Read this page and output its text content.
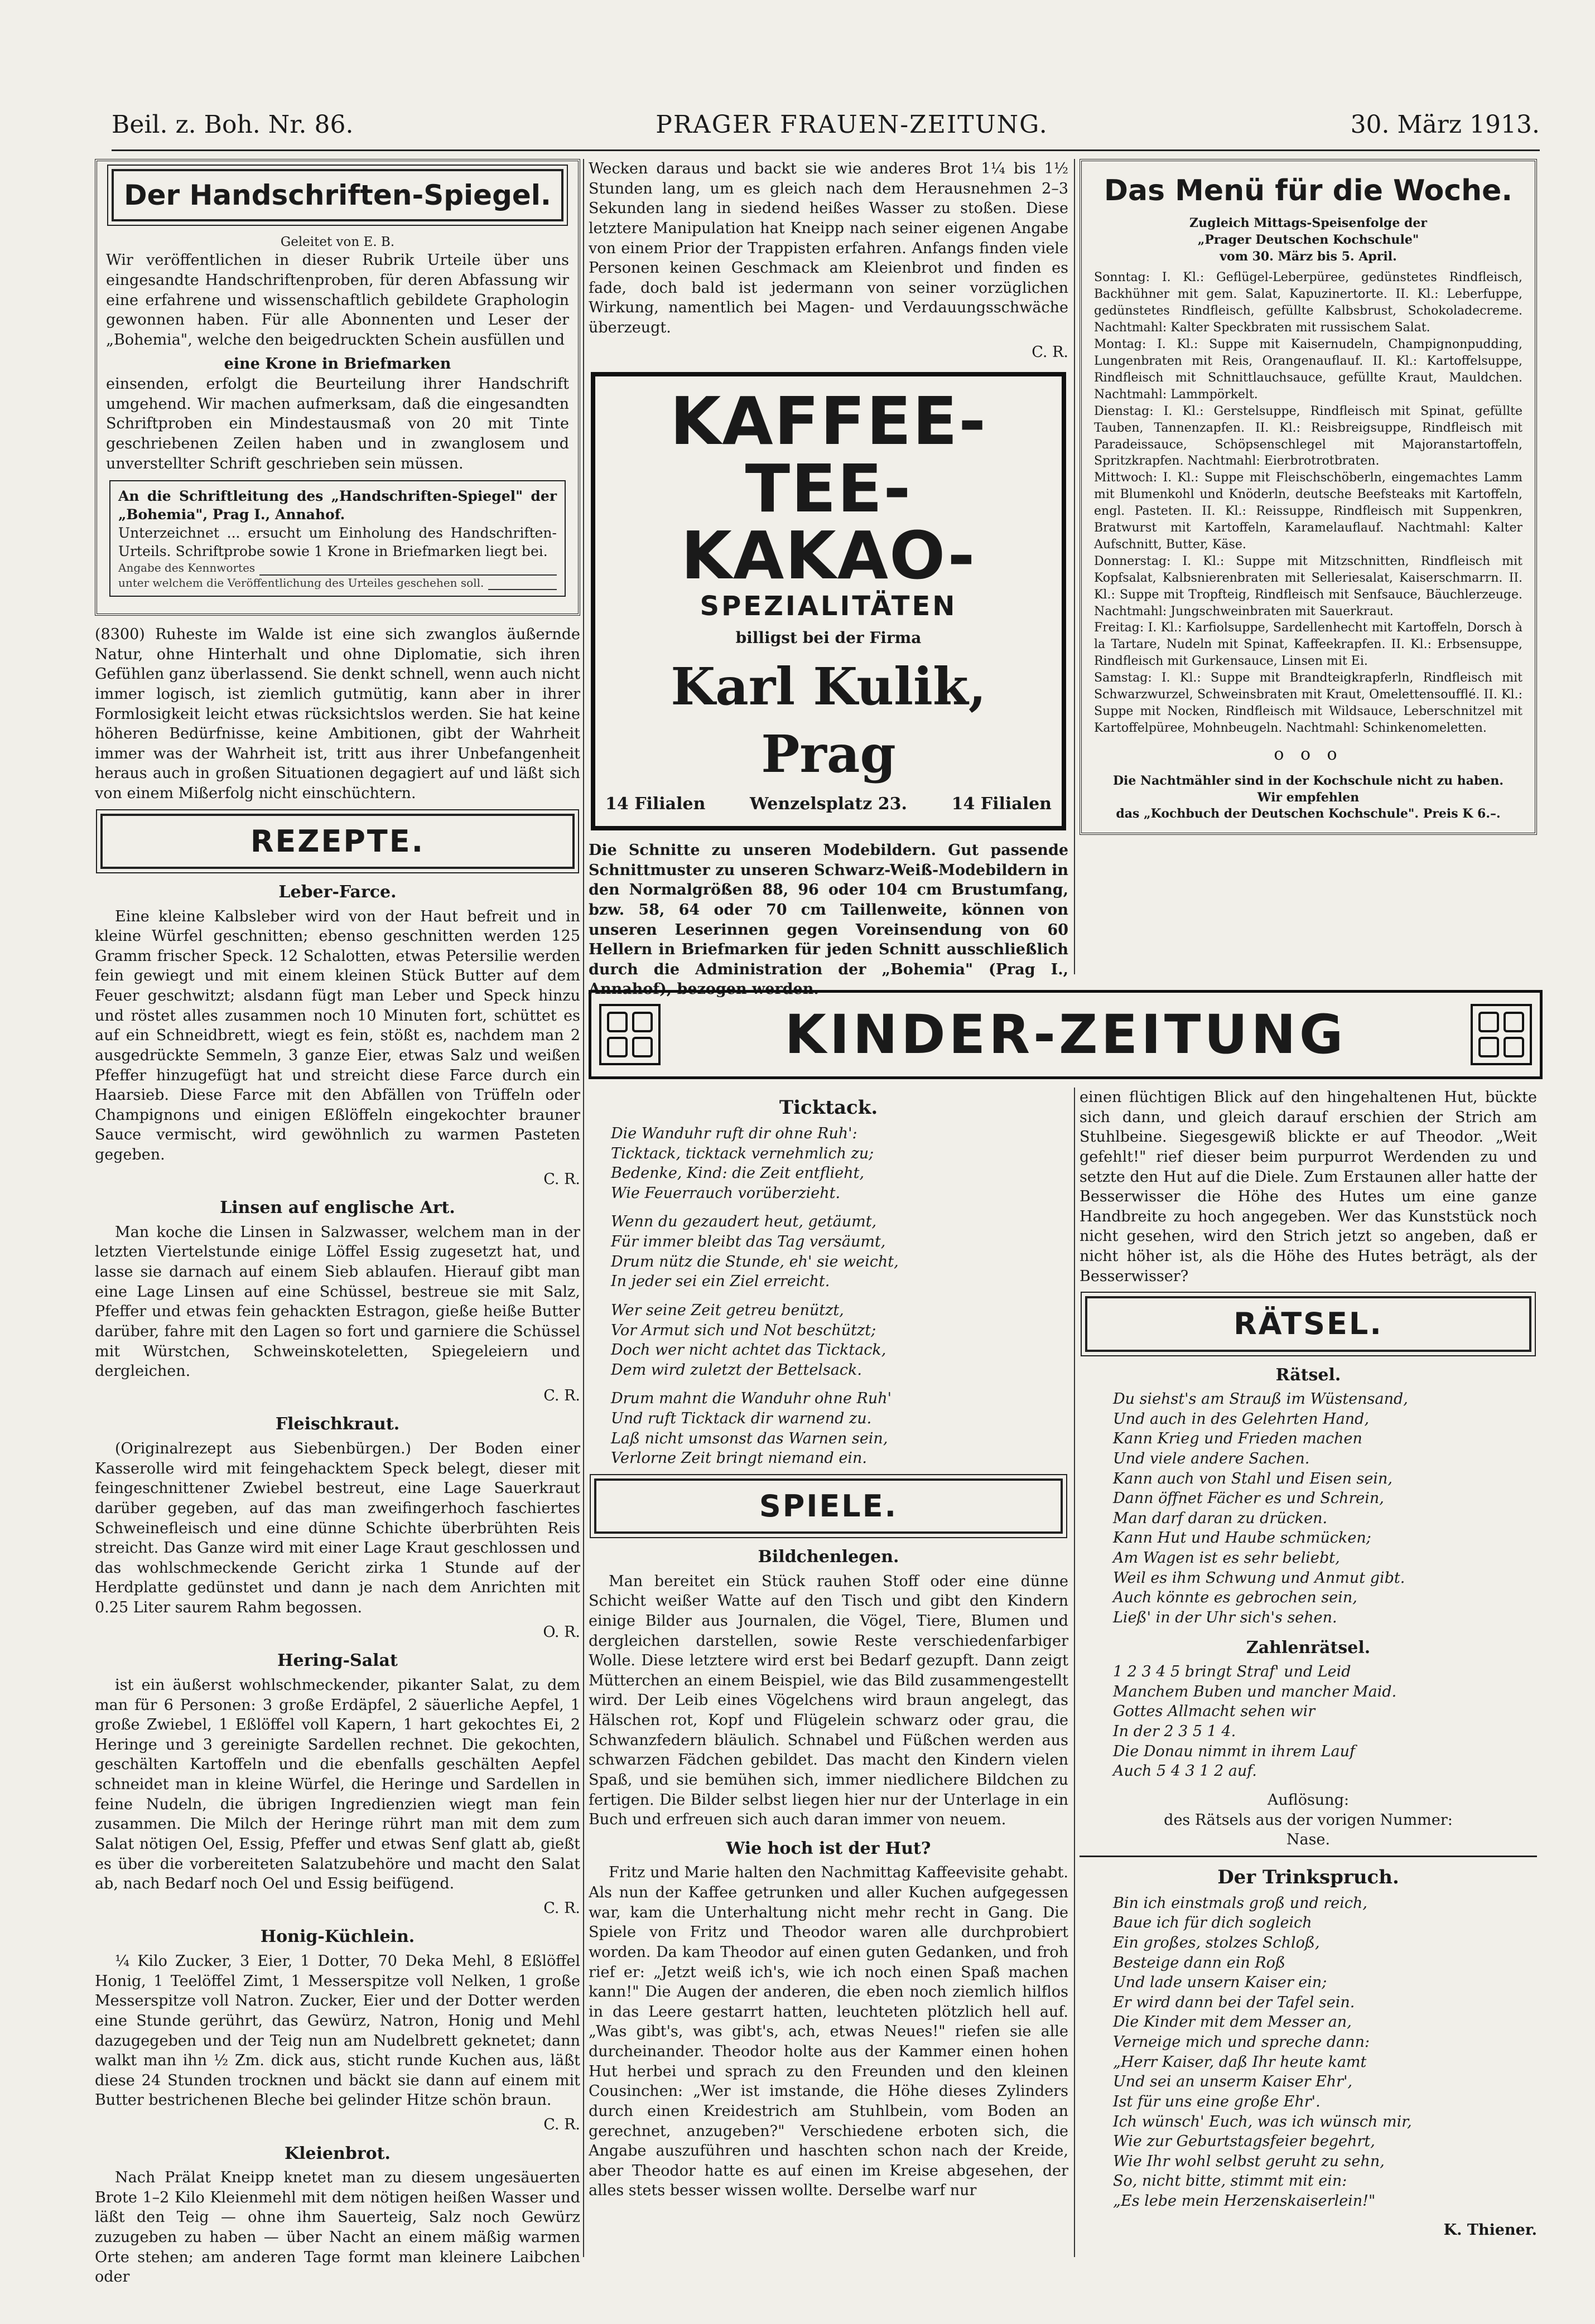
Beil. z. Boh. Nr. 86.	PRAGER FRAUEN-ZEITUNG.	30. März 1913.
Der Handschriften-Spiegel.
Geleitet von E. B.

Wir veröffentlichen in dieser Rubrik Urteile über uns eingesandte Handschriftenproben, für deren Abfassung wir eine erfahrene und wissenschaftlich gebildete Graphologin gewonnen haben. Für alle Abonnenten und Leser der „Bohemia", welche den beigedruckten Schein ausfüllen und

eine Krone in Briefmarken

einsenden, erfolgt die Beurteilung ihrer Handschrift umgehend. Wir machen aufmerksam, daß die eingesandten Schriftproben ein Mindestausmaß von 20 mit Tinte geschriebenen Zeilen haben und in zwanglosem und unverstellter Schrift geschrieben sein müssen.

An die Schriftleitung des „Handschriften-Spiegel" der „Bohemia", Prag I., Annahof.
Unterzeichnet ... ersucht um Einholung des Handschriften-Urteils. Schriftprobe sowie 1 Krone in Briefmarken liegt bei.
Angabe des Kennwortes
unter welchem die Veröffentlichung des Urteiles geschehen soll.

(8300) Ruheste im Walde ist eine sich zwanglos äußernde Natur, ohne Hinterhalt und ohne Diplomatie, sich ihren Gefühlen ganz überlassend. Sie denkt schnell, wenn auch nicht immer logisch, ist ziemlich gutmütig, kann aber in ihrer Formlosigkeit leicht etwas rücksichtslos werden. Sie hat keine höheren Bedürfnisse, keine Ambitionen, gibt der Wahrheit immer was der Wahrheit ist, tritt aus ihrer Unbefangenheit heraus auch in großen Situationen degagiert auf und läßt sich von einem Mißerfolg nicht einschüchtern.

REZEPTE.
Leber-Farce.

Eine kleine Kalbsleber wird von der Haut befreit und in kleine Würfel geschnitten; ebenso geschnitten werden 125 Gramm frischer Speck. 12 Schalotten, etwas Petersilie werden fein gewiegt und mit einem kleinen Stück Butter auf dem Feuer geschwitzt; alsdann fügt man Leber und Speck hinzu und röstet alles zusammen noch 10 Minuten fort, schüttet es auf ein Schneidbrett, wiegt es fein, stößt es, nachdem man 2 ausgedrückte Semmeln, 3 ganze Eier, etwas Salz und weißen Pfeffer hinzugefügt hat und streicht diese Farce durch ein Haarsieb. Diese Farce mit den Abfällen von Trüffeln oder Champignons und einigen Eßlöffeln eingekochter brauner Sauce vermischt, wird gewöhnlich zu warmen Pasteten gegeben.

C. R.
Linsen auf englische Art.

Man koche die Linsen in Salzwasser, welchem man in der letzten Viertelstunde einige Löffel Essig zugesetzt hat, und lasse sie darnach auf einem Sieb ablaufen. Hierauf gibt man eine Lage Linsen auf eine Schüssel, bestreue sie mit Salz, Pfeffer und etwas fein gehackten Estragon, gieße heiße Butter darüber, fahre mit den Lagen so fort und garniere die Schüssel mit Würstchen, Schweinskoteletten, Spiegeleiern und dergleichen.

C. R.
Fleischkraut.

(Originalrezept aus Siebenbürgen.) Der Boden einer Kasserolle wird mit feingehacktem Speck belegt, dieser mit feingeschnittener Zwiebel bestreut, eine Lage Sauerkraut darüber gegeben, auf das man zweifingerhoch faschiertes Schweinefleisch und eine dünne Schichte überbrühten Reis streicht. Das Ganze wird mit einer Lage Kraut geschlossen und das wohlschmeckende Gericht zirka 1 Stunde auf der Herdplatte gedünstet und dann je nach dem Anrichten mit 0.25 Liter saurem Rahm begossen.

O. R.
Hering-Salat

ist ein äußerst wohlschmeckender, pikanter Salat, zu dem man für 6 Personen: 3 große Erdäpfel, 2 säuerliche Aepfel, 1 große Zwiebel, 1 Eßlöffel voll Kapern, 1 hart gekochtes Ei, 2 Heringe und 3 gereinigte Sardellen rechnet. Die gekochten, geschälten Kartoffeln und die ebenfalls geschälten Aepfel schneidet man in kleine Würfel, die Heringe und Sardellen in feine Nudeln, die übrigen Ingredienzien wiegt man fein zusammen. Die Milch der Heringe rührt man mit dem zum Salat nötigen Oel, Essig, Pfeffer und etwas Senf glatt ab, gießt es über die vorbereiteten Salatzubehöre und macht den Salat ab, nach Bedarf noch Oel und Essig beifügend.

C. R.
Honig-Küchlein.

¼ Kilo Zucker, 3 Eier, 1 Dotter, 70 Deka Mehl, 8 Eßlöffel Honig, 1 Teelöffel Zimt, 1 Messerspitze voll Nelken, 1 große Messerspitze voll Natron. Zucker, Eier und der Dotter werden eine Stunde gerührt, das Gewürz, Natron, Honig und Mehl dazugegeben und der Teig nun am Nudelbrett geknetet; dann walkt man ihn ½ Zm. dick aus, sticht runde Kuchen aus, läßt diese 24 Stunden trocknen und bäckt sie dann auf einem mit Butter bestrichenen Bleche bei gelinder Hitze schön braun.

C. R.
Kleienbrot.

Nach Prälat Kneipp knetet man zu diesem ungesäuerten Brote 1–2 Kilo Kleienmehl mit dem nötigen heißen Wasser und läßt den Teig — ohne ihm Sauerteig, Salz noch Gewürz zuzugeben zu haben — über Nacht an einem mäßig warmen Orte stehen; am anderen Tage formt man kleinere Laibchen oder

Wecken daraus und backt sie wie anderes Brot 1¼ bis 1½ Stunden lang, um es gleich nach dem Herausnehmen 2–3 Sekunden lang in siedend heißes Wasser zu stoßen. Diese letztere Manipulation hat Kneipp nach seiner eigenen Angabe von einem Prior der Trappisten erfahren. Anfangs finden viele Personen keinen Geschmack am Kleienbrot und finden es fade, doch bald ist jedermann von seiner vorzüglichen Wirkung, namentlich bei Magen- und Verdauungsschwäche überzeugt.

C. R.
KAFFEE-
TEE-
KAKAO-
SPEZIALITÄTEN
billigst bei der Firma
Karl Kulik, Prag
14 Filialen	Wenzelsplatz 23.	14 Filialen

Die Schnitte zu unseren Modebildern. Gut passende Schnittmuster zu unseren Schwarz-Weiß-Modebildern in den Normalgrößen 88, 96 oder 104 cm Brustumfang, bzw. 58, 64 oder 70 cm Taillenweite, können von unseren Leserinnen gegen Voreinsendung von 60 Hellern in Briefmarken für jeden Schnitt ausschließlich durch die Administration der „Bohemia" (Prag I., Annahof), bezogen werden.

Das Menü für die Woche.
Zugleich Mittags-Speisenfolge der
„Prager Deutschen Kochschule"
vom 30. März bis 5. April.

Sonntag: I. Kl.: Geflügel-Leberpüree, gedünstetes Rindfleisch, Backhühner mit gem. Salat, Kapuzinertorte. II. Kl.: Leberfuppe, gedünstetes Rindfleisch, gefüllte Kalbsbrust, Schokoladecreme. Nachtmahl: Kalter Speckbraten mit russischem Salat.

Montag: I. Kl.: Suppe mit Kaisernudeln, Champignonpudding, Lungenbraten mit Reis, Orangenauflauf. II. Kl.: Kartoffelsuppe, Rindfleisch mit Schnittlauchsauce, gefüllte Kraut, Mauldchen. Nachtmahl: Lammpörkelt.

Dienstag: I. Kl.: Gerstelsuppe, Rindfleisch mit Spinat, gefüllte Tauben, Tannenzapfen. II. Kl.: Reisbreigsuppe, Rindfleisch mit Paradeissauce, Schöpsenschlegel mit Majoranstartoffeln, Spritzkrapfen. Nachtmahl: Eierbrotrotbraten.

Mittwoch: I. Kl.: Suppe mit Fleischschöberln, eingemachtes Lamm mit Blumenkohl und Knöderln, deutsche Beefsteaks mit Kartoffeln, engl. Pasteten. II. Kl.: Reissuppe, Rindfleisch mit Suppenkren, Bratwurst mit Kartoffeln, Karamelauflauf. Nachtmahl: Kalter Aufschnitt, Butter, Käse.

Donnerstag: I. Kl.: Suppe mit Mitzschnitten, Rindfleisch mit Kopfsalat, Kalbsnierenbraten mit Selleriesalat, Kaiserschmarrn. II. Kl.: Suppe mit Tropfteig, Rindfleisch mit Senfsauce, Bäuchlerzeuge. Nachtmahl: Jungschweinbraten mit Sauerkraut.

Freitag: I. Kl.: Karfiolsuppe, Sardellenhecht mit Kartoffeln, Dorsch à la Tartare, Nudeln mit Spinat, Kaffeekrapfen. II. Kl.: Erbsensuppe, Rindfleisch mit Gurkensauce, Linsen mit Ei.

Samstag: I. Kl.: Suppe mit Brandteigkrapferln, Rindfleisch mit Schwarzwurzel, Schweinsbraten mit Kraut, Omelettensoufflé. II. Kl.: Suppe mit Nocken, Rindfleisch mit Wildsauce, Leberschnitzel mit Kartoffelpüree, Mohnbeugeln. Nachtmahl: Schinkenomeletten.

o o o
Die Nachtmähler sind in der Kochschule nicht zu haben.
Wir empfehlen
das „Kochbuch der Deutschen Kochschule". Preis K 6.–.
KINDER-ZEITUNG
Ticktack.
Die Wanduhr ruft dir ohne Ruh':
Ticktack, ticktack vernehmlich zu;
Bedenke, Kind: die Zeit entflieht,
Wie Feuerrauch vorüberzieht.
Wenn du gezaudert heut, getäumt,
Für immer bleibt das Tag versäumt,
Drum nütz die Stunde, eh' sie weicht,
In jeder sei ein Ziel erreicht.
Wer seine Zeit getreu benützt,
Vor Armut sich und Not beschützt;
Doch wer nicht achtet das Ticktack,
Dem wird zuletzt der Bettelsack.
Drum mahnt die Wanduhr ohne Ruh'
Und ruft Ticktack dir warnend zu.
Laß nicht umsonst das Warnen sein,
Verlorne Zeit bringt niemand ein.
SPIELE.
Bildchenlegen.

Man bereitet ein Stück rauhen Stoff oder eine dünne Schicht weißer Watte auf den Tisch und gibt den Kindern einige Bilder aus Journalen, die Vögel, Tiere, Blumen und dergleichen darstellen, sowie Reste verschiedenfarbiger Wolle. Diese letztere wird erst bei Bedarf gezupft. Dann zeigt Mütterchen an einem Beispiel, wie das Bild zusammengestellt wird. Der Leib eines Vögelchens wird braun angelegt, das Hälschen rot, Kopf und Flügelein schwarz oder grau, die Schwanzfedern bläulich. Schnabel und Füßchen werden aus schwarzen Fädchen gebildet. Das macht den Kindern vielen Spaß, und sie bemühen sich, immer niedlichere Bildchen zu fertigen. Die Bilder selbst liegen hier nur der Unterlage in ein Buch und erfreuen sich auch daran immer von neuem.

Wie hoch ist der Hut?

Fritz und Marie halten den Nachmittag Kaffeevisite gehabt. Als nun der Kaffee getrunken und aller Kuchen aufgegessen war, kam die Unterhaltung nicht mehr recht in Gang. Die Spiele von Fritz und Theodor waren alle durchprobiert worden. Da kam Theodor auf einen guten Gedanken, und froh rief er: „Jetzt weiß ich's, wie ich noch einen Spaß machen kann!" Die Augen der anderen, die eben noch ziemlich hilflos in das Leere gestarrt hatten, leuchteten plötzlich hell auf. „Was gibt's, was gibt's, ach, etwas Neues!" riefen sie alle durcheinander. Theodor holte aus der Kammer einen hohen Hut herbei und sprach zu den Freunden und den kleinen Cousinchen: „Wer ist imstande, die Höhe dieses Zylinders durch einen Kreidestrich am Stuhlbein, vom Boden an gerechnet, anzugeben?" Verschiedene erboten sich, die Angabe auszuführen und haschten schon nach der Kreide, aber Theodor hatte es auf einen im Kreise abgesehen, der alles stets besser wissen wollte. Derselbe warf nur

einen flüchtigen Blick auf den hingehaltenen Hut, bückte sich dann, und gleich darauf erschien der Strich am Stuhlbeine. Siegesgewiß blickte er auf Theodor. „Weit gefehlt!" rief dieser beim purpurrot Werdenden zu und setzte den Hut auf die Diele. Zum Erstaunen aller hatte der Besserwisser die Höhe des Hutes um eine ganze Handbreite zu hoch angegeben. Wer das Kunststück noch nicht gesehen, wird den Strich jetzt so angeben, daß er nicht höher ist, als die Höhe des Hutes beträgt, als der Besserwisser?

RÄTSEL.
Rätsel.
Du siehst's am Strauß im Wüstensand,
Und auch in des Gelehrten Hand,
Kann Krieg und Frieden machen
Und viele andere Sachen.
Kann auch von Stahl und Eisen sein,
Dann öffnet Fächer es und Schrein,
Man darf daran zu drücken.
Kann Hut und Haube schmücken;
Am Wagen ist es sehr beliebt,
Weil es ihm Schwung und Anmut gibt.
Auch könnte es gebrochen sein,
Ließ' in der Uhr sich's sehen.
Zahlenrätsel.
1 2 3 4 5 bringt Straf' und Leid
Manchem Buben und mancher Maid.
Gottes Allmacht sehen wir
In der 2 3 5 1 4.
Die Donau nimmt in ihrem Lauf
Auch 5 4 3 1 2 auf.
Auflösung:
des Rätsels aus der vorigen Nummer:
Nase.
Der Trinkspruch.
Bin ich einstmals groß und reich,
Baue ich für dich sogleich
Ein großes, stolzes Schloß,
Besteige dann ein Roß
Und lade unsern Kaiser ein;
Er wird dann bei der Tafel sein.
Die Kinder mit dem Messer an,
Verneige mich und spreche dann:
„Herr Kaiser, daß Ihr heute kamt
Und sei an unserm Kaiser Ehr',
Ist für uns eine große Ehr'.
Ich wünsch' Euch, was ich wünsch mir,
Wie zur Geburtstagsfeier begehrt,
Wie Ihr wohl selbst geruht zu sehn,
So, nicht bitte, stimmt mit ein:
„Es lebe mein Herzenskaiserlein!"
K. Thiener.
